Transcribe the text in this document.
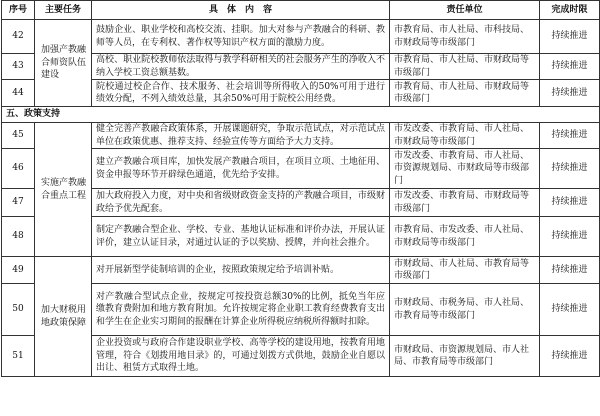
序号	主要任务	具　体　内　容	责任单位	完成时限
42	加强产教融合师资队伍建设	鼓励企业、职业学校和高校交流、挂职。加大对参与产教融合的科研、教师等人员，在专利权、著作权等知识产权方面的激励力度。	市教育局、市人社局、市科技局、市财政局等市级部门	持续推进
43		高校、职业院校教师依法取得与教学科研相关的社会服务产生的净收入不纳入学校工资总额基数。	市教育局、市人社局、市财政局等市级部门	持续推进
44		院校通过校企合作、技术服务、社会培训等所得收入的50%可用于进行绩效分配，不列入绩效总量，其余50%可用于院校公用经费。	市教育局、市人社局、市财政局等市级部门	持续推进
五、政策支持				
45	实施产教融合重点工程	健全完善产教融合政策体系，开展课题研究，争取示范试点，对示范试点单位在政策优惠、推荐支持、经验宣传等方面给予大力支持。	市发改委、市教育局、市人社局、市财政局等市级部门	持续推进
46		建立产教融合项目库，加快发展产教融合项目，在项目立项、土地征用、资金申报等环节开辟绿色通道，优先给予安排。	市发改委、市教育局、市人社局、市资源规划局、市财政局等市级部门	持续推进
47		加大政府投入力度，对中央和省级财政资金支持的产教融合项目，市级财政给予优先配套。	市发改委、市教育局、市财政局等市级部门	持续推进
48		制定产教融合型企业、学校、专业、基地认证标准和评价办法，开展认证评价，建立认证目录，对通过认证的予以奖励、授牌，并向社会推介。	市教育局、市发改委、市人社局、市财政局等市级部门	持续推进
49	加大财税用地政策保障	对开展新型学徒制培训的企业，按照政策规定给予培训补贴。	市财政局、市人社局、市教育局等市级部门	持续推进
50		对产教融合型试点企业，按规定可按投资总额30%的比例，抵免当年应缴教育费附加和地方教育附加。允许按规定将企业职工教育经费教育支出和学生在企业实习期间的报酬在计算企业所得税应纳税所得额时扣除。	市财政局、市税务局、市人社局、市教育局等市级部门	持续推进
51		企业投资或与政府合作建设职业学校、高等学校的建设用地，按教育用地管理，符合《划拨用地目录》的，可通过划拨方式供地，鼓励企业自愿以出让、租赁方式取得土地。	市财政局、市资源规划局、市人社局、市教育局等市级部门	持续推进
